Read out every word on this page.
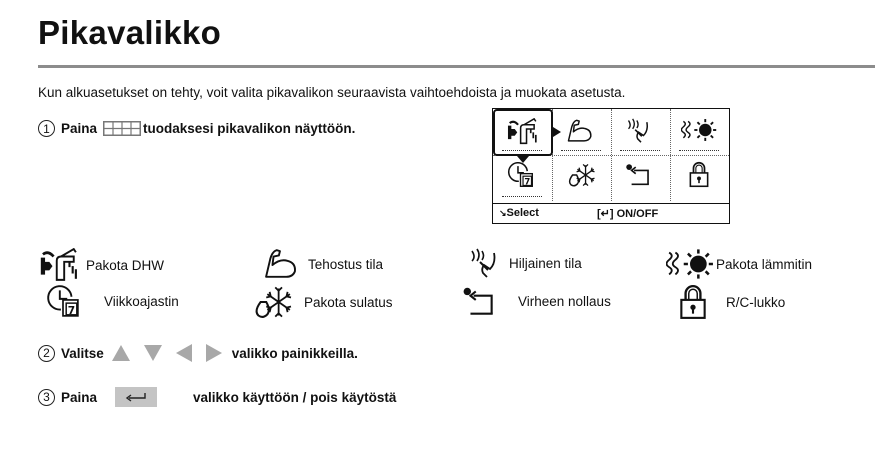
Pikavalikko
Kun alkuasetukset on tehty, voit valita pikavalikon seuraavista vaihtoehdoista ja muokata asetusta.
1 Paina	tuodaksesi pikavalikon näyttöön.
↘Select	[↵] ON/OFF
Pakota DHW	Tehostus tila	Hiljainen tila	Pakota lämmitin
Viikkoajastin	Pakota sulatus	Virheen nollaus	R/C-lukko
2 Valitse	valikko painikkeilla.
3 Paina	valikko käyttöön / pois käytöstä
